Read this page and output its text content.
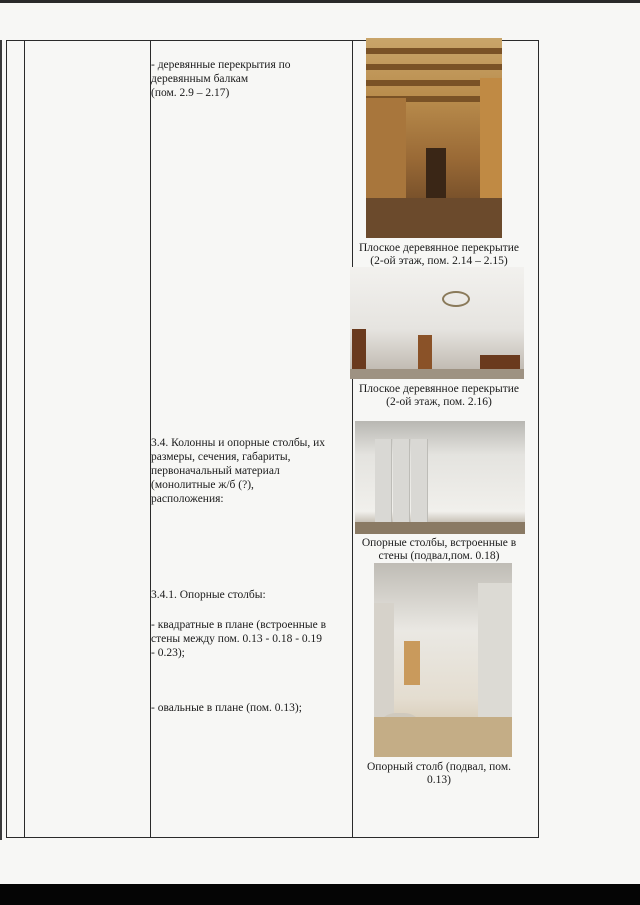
- деревянные перекрытия по
деревянным балкам
(пом. 2.9 – 2.17)
3.4. Колонны и опорные столбы, их
размеры, сечения, габариты,
первоначальный материал
(монолитные ж/б (?),
расположения:
3.4.1. Опорные столбы:
- квадратные в плане (встроенные в
стены между пом. 0.13 - 0.18 - 0.19
- 0.23);
- овальные в плане (пом. 0.13);
Плоское деревянное перекрытие
(2-ой этаж, пом. 2.14 – 2.15)
Плоское деревянное перекрытие
(2-ой этаж, пом. 2.16)
Опорные столбы, встроенные в
стены (подвал,пом. 0.18)
Опорный столб (подвал, пом.
0.13)
